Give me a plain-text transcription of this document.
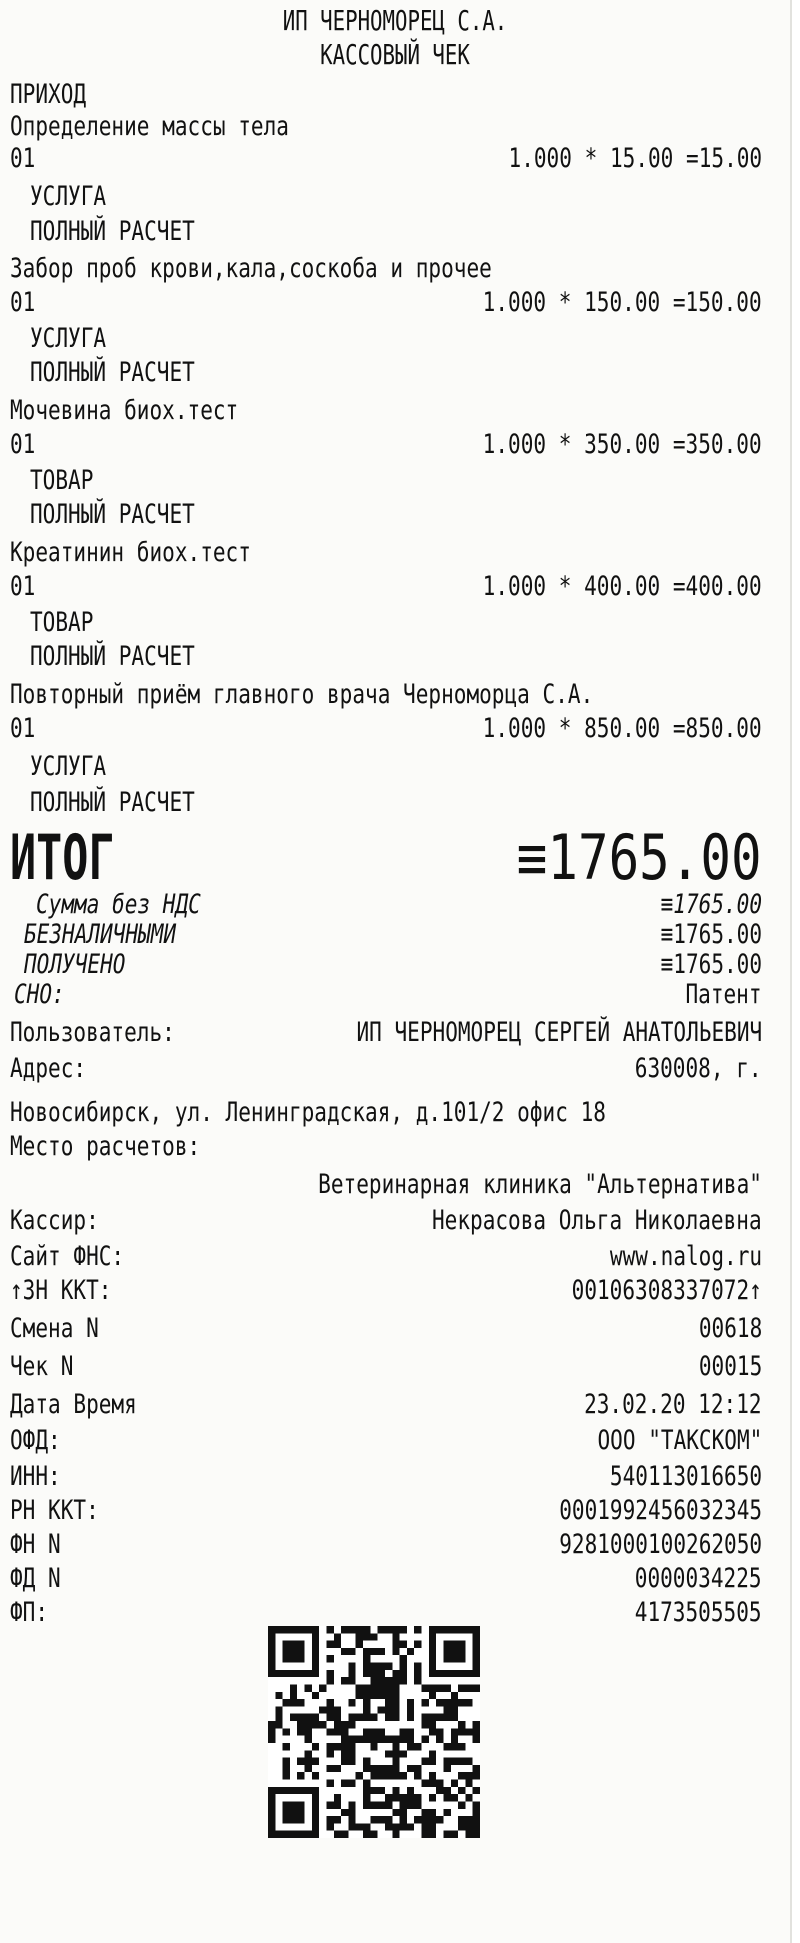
ИП ЧЕРНОМОРЕЦ С.А.
КАССОВЫЙ ЧЕК
ПРИХОД
Определение массы тела
01	1.000 * 15.00 =15.00
УСЛУГА
ПОЛНЫЙ РАСЧЕТ
Забор проб крови,кала,соскоба и прочее
01	1.000 * 150.00 =150.00
УСЛУГА
ПОЛНЫЙ РАСЧЕТ
Мочевина биох.тест
01	1.000 * 350.00 =350.00
ТОВАР
ПОЛНЫЙ РАСЧЕТ
Креатинин биох.тест
01	1.000 * 400.00 =400.00
ТОВАР
ПОЛНЫЙ РАСЧЕТ
Повторный приём главного врача Черноморца С.А.
01	1.000 * 850.00 =850.00
УСЛУГА
ПОЛНЫЙ РАСЧЕТ
ИТОГ	≡1765.00
Сумма без НДС	≡1765.00
БЕЗНАЛИЧНЫМИ	≡1765.00
ПОЛУЧЕНО	≡1765.00
СНО:	Патент
Пользователь:	ИП ЧЕРНОМОРЕЦ СЕРГЕЙ АНАТОЛЬЕВИЧ
Адрес:	630008, г.
Новосибирск, ул. Ленинградская, д.101/2 офис 18
Место расчетов:
Ветеринарная клиника "Альтернатива"
Кассир:	Некрасова Ольга Николаевна
Сайт ФНС:	www.nalog.ru
↑ЗН ККТ:	00106308337072↑
Смена N	00618
Чек N	00015
Дата Время	23.02.20 12:12
ОФД:	ООО "ТАКСКОМ"
ИНН:	540113016650
РН ККТ:	0001992456032345
ФН N	9281000100262050
ФД N	0000034225
ФП:	4173505505
